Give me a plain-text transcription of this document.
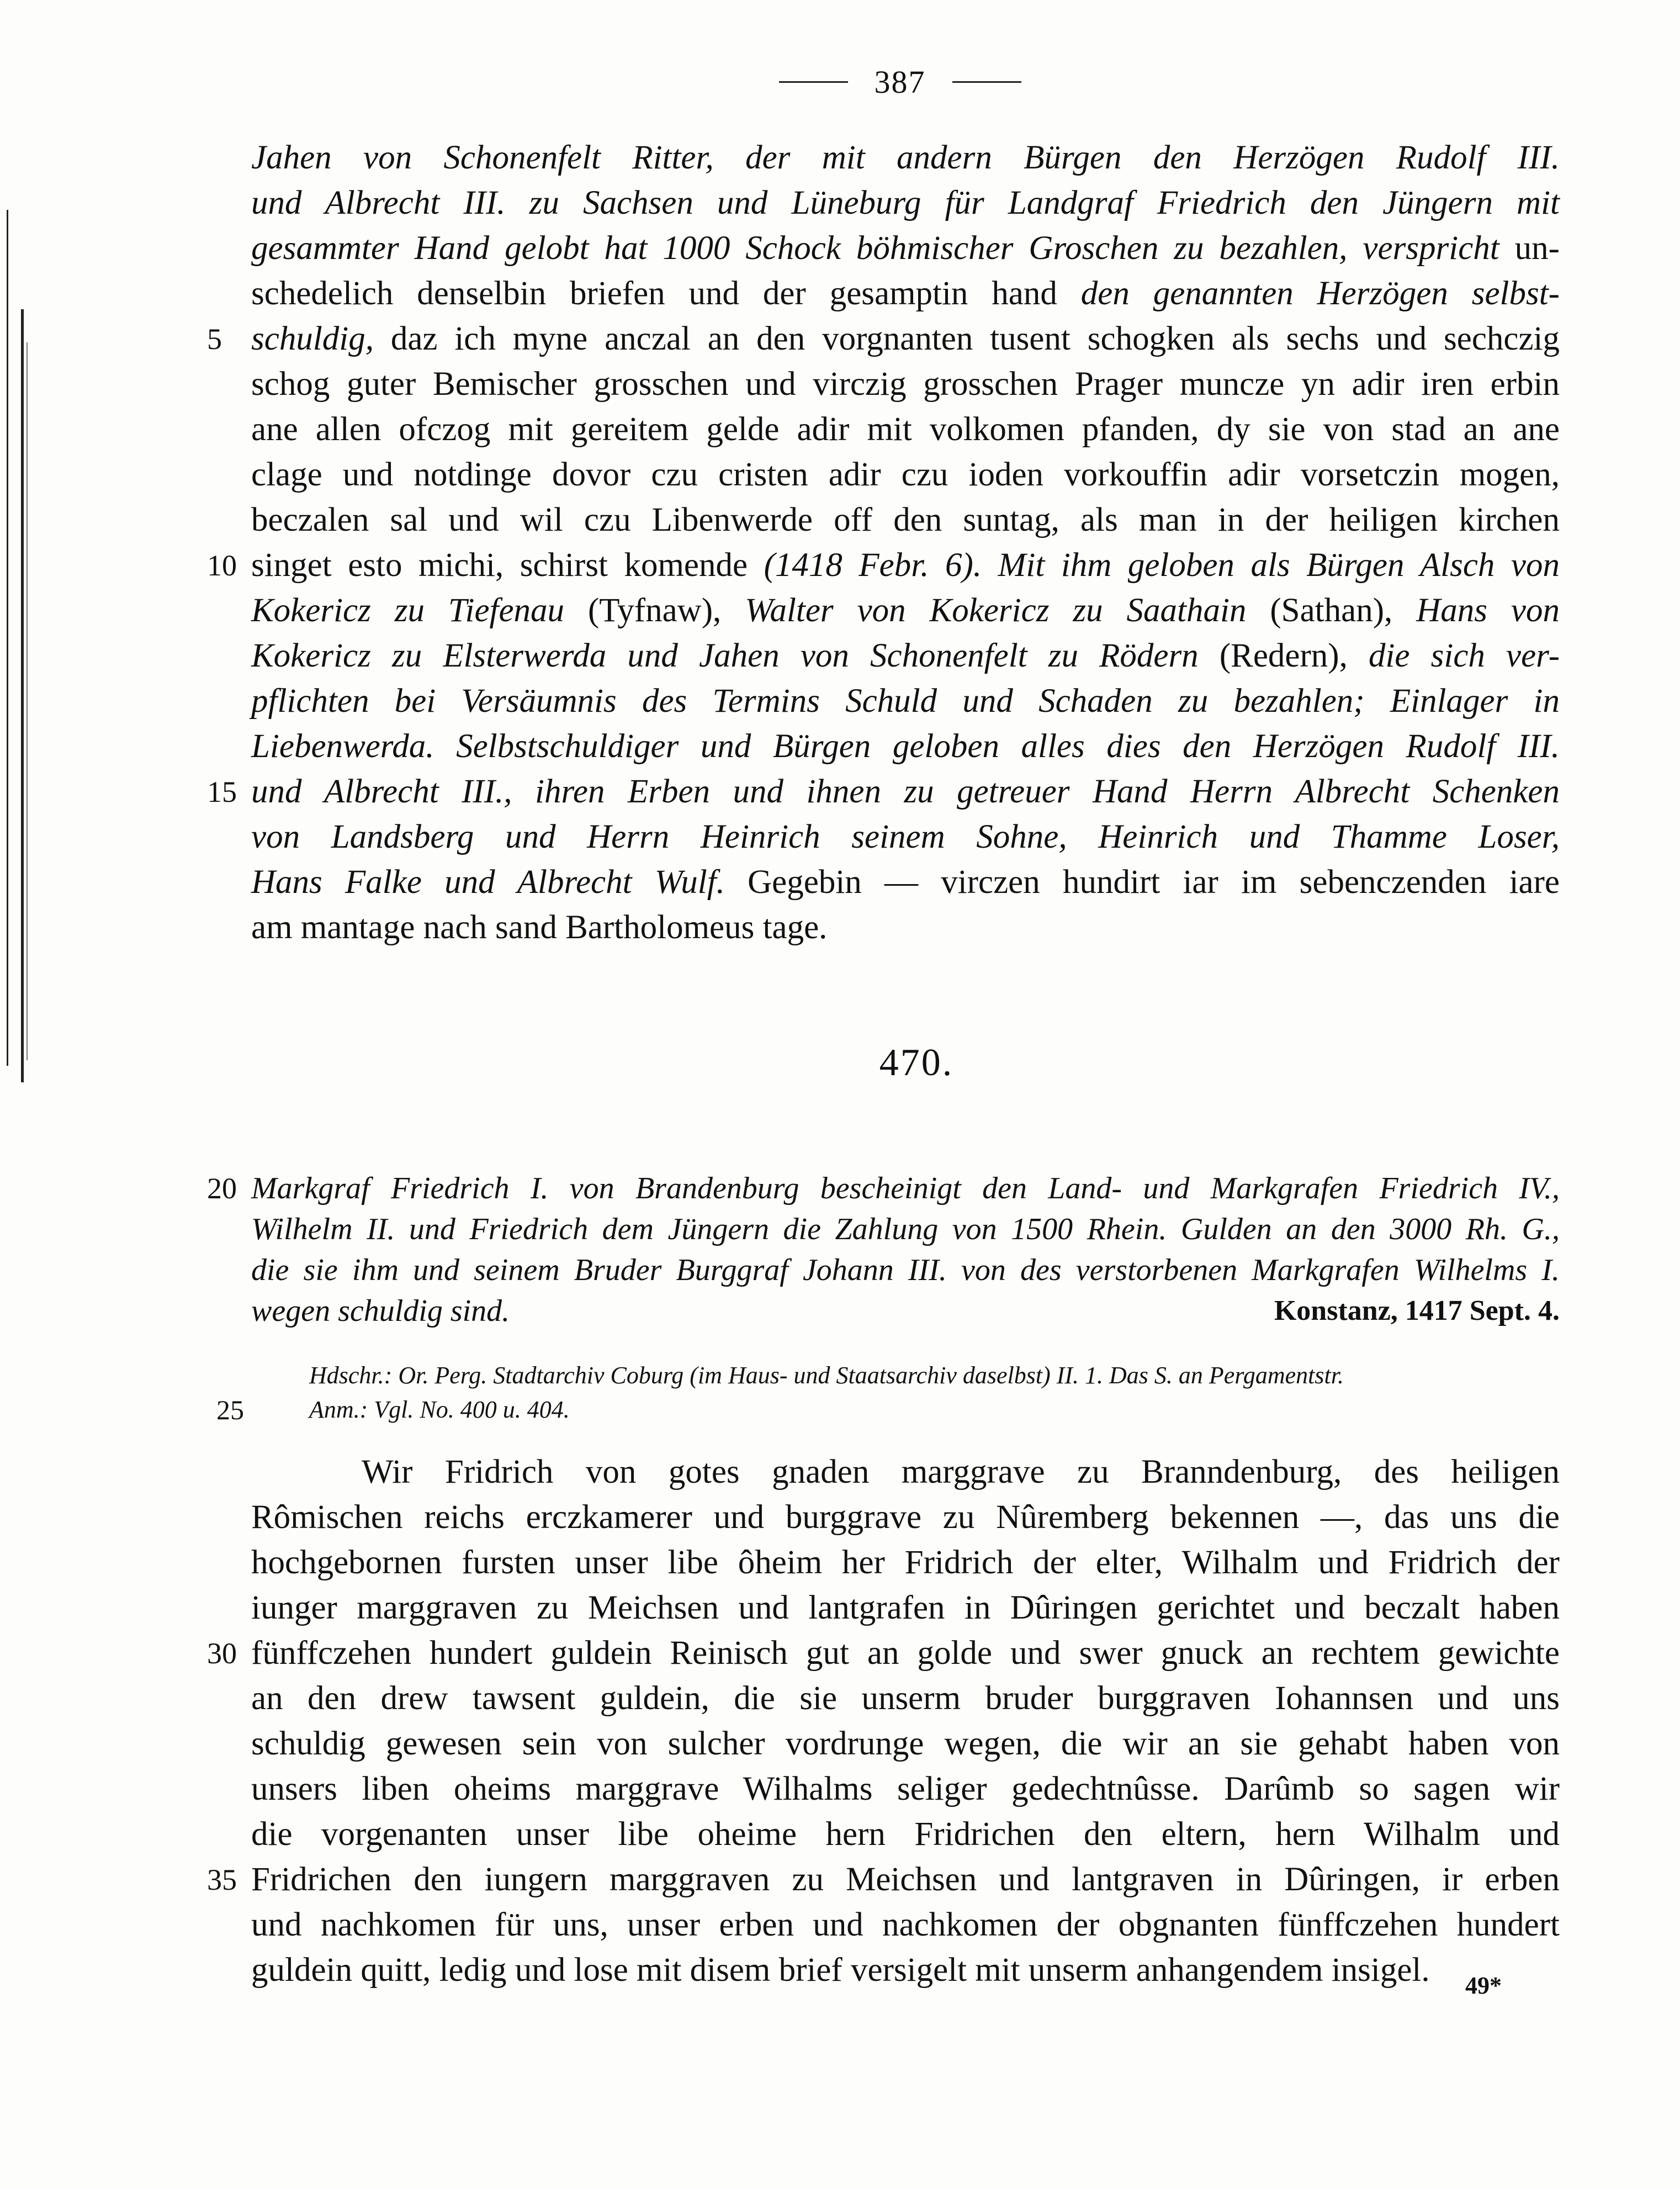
387
Jahen von Schonenfelt Ritter, der mit andern Bürgen den Herzögen Rudolf III.
und Albrecht III. zu Sachsen und Lüneburg für Landgraf Friedrich den Jüngern mit
gesammter Hand gelobt hat 1000 Schock böhmischer Groschen zu bezahlen, verspricht un-
schedelich denselbin briefen und der gesamptin hand den genannten Herzögen selbst-
5 schuldig, daz ich myne anczal an den vorgnanten tusent schogken als sechs und sechczig
schog guter Bemischer grosschen und virczig grosschen Prager muncze yn adir iren erbin
ane allen ofczog mit gereitem gelde adir mit volkomen pfanden, dy sie von stad an ane
clage und notdinge dovor czu cristen adir czu ioden vorkouffin adir vorsetczin mogen,
beczalen sal und wil czu Libenwerde off den suntag, als man in der heiligen kirchen
10 singet esto michi, schirst komende (1418 Febr. 6). Mit ihm geloben als Bürgen Alsch von
Kokericz zu Tiefenau (Tyfnaw), Walter von Kokericz zu Saathain (Sathan), Hans von
Kokericz zu Elsterwerda und Jahen von Schonenfelt zu Rödern (Redern), die sich ver-
pflichten bei Versäumnis des Termins Schuld und Schaden zu bezahlen; Einlager in
Liebenwerda. Selbstschuldiger und Bürgen geloben alles dies den Herzögen Rudolf III.
15 und Albrecht III., ihren Erben und ihnen zu getreuer Hand Herrn Albrecht Schenken
von Landsberg und Herrn Heinrich seinem Sohne, Heinrich und Thamme Loser,
Hans Falke und Albrecht Wulf. Gegebin — virczen hundirt iar im sebenczenden iare
am mantage nach sand Bartholomeus tage.
470.
20 Markgraf Friedrich I. von Brandenburg bescheinigt den Land- und Markgrafen Friedrich IV.,
Wilhelm II. und Friedrich dem Jüngern die Zahlung von 1500 Rhein. Gulden an den 3000 Rh. G.,
die sie ihm und seinem Bruder Burggraf Johann III. von des verstorbenen Markgrafen Wilhelms I.
wegen schuldig sind.	Konstanz, 1417 Sept. 4.
Hdschr.: Or. Perg. Stadtarchiv Coburg (im Haus- und Staatsarchiv daselbst) II. 1. Das S. an Pergamentstr.
25	Anm.: Vgl. No. 400 u. 404.
Wir Fridrich von gotes gnaden marggrave zu Branndenburg, des heiligen
Rômischen reichs erczkamerer und burggrave zu Nûremberg bekennen —, das uns die
hochgebornen fursten unser libe ôheim her Fridrich der elter, Wilhalm und Fridrich der
iunger marggraven zu Meichsen und lantgrafen in Dûringen gerichtet und beczalt haben
30 fünffczehen hundert guldein Reinisch gut an golde und swer gnuck an rechtem gewichte
an den drew tawsent guldein, die sie unserm bruder burggraven Iohannsen und uns
schuldig gewesen sein von sulcher vordrunge wegen, die wir an sie gehabt haben von
unsers liben oheims marggrave Wilhalms seliger gedechtnûsse. Darûmb so sagen wir
die vorgenanten unser libe oheime hern Fridrichen den eltern, hern Wilhalm und
35 Fridrichen den iungern marggraven zu Meichsen und lantgraven in Dûringen, ir erben
und nachkomen für uns, unser erben und nachkomen der obgnanten fünffczehen hundert
guldein quitt, ledig und lose mit disem brief versigelt mit unserm anhangendem insigel.	49*
